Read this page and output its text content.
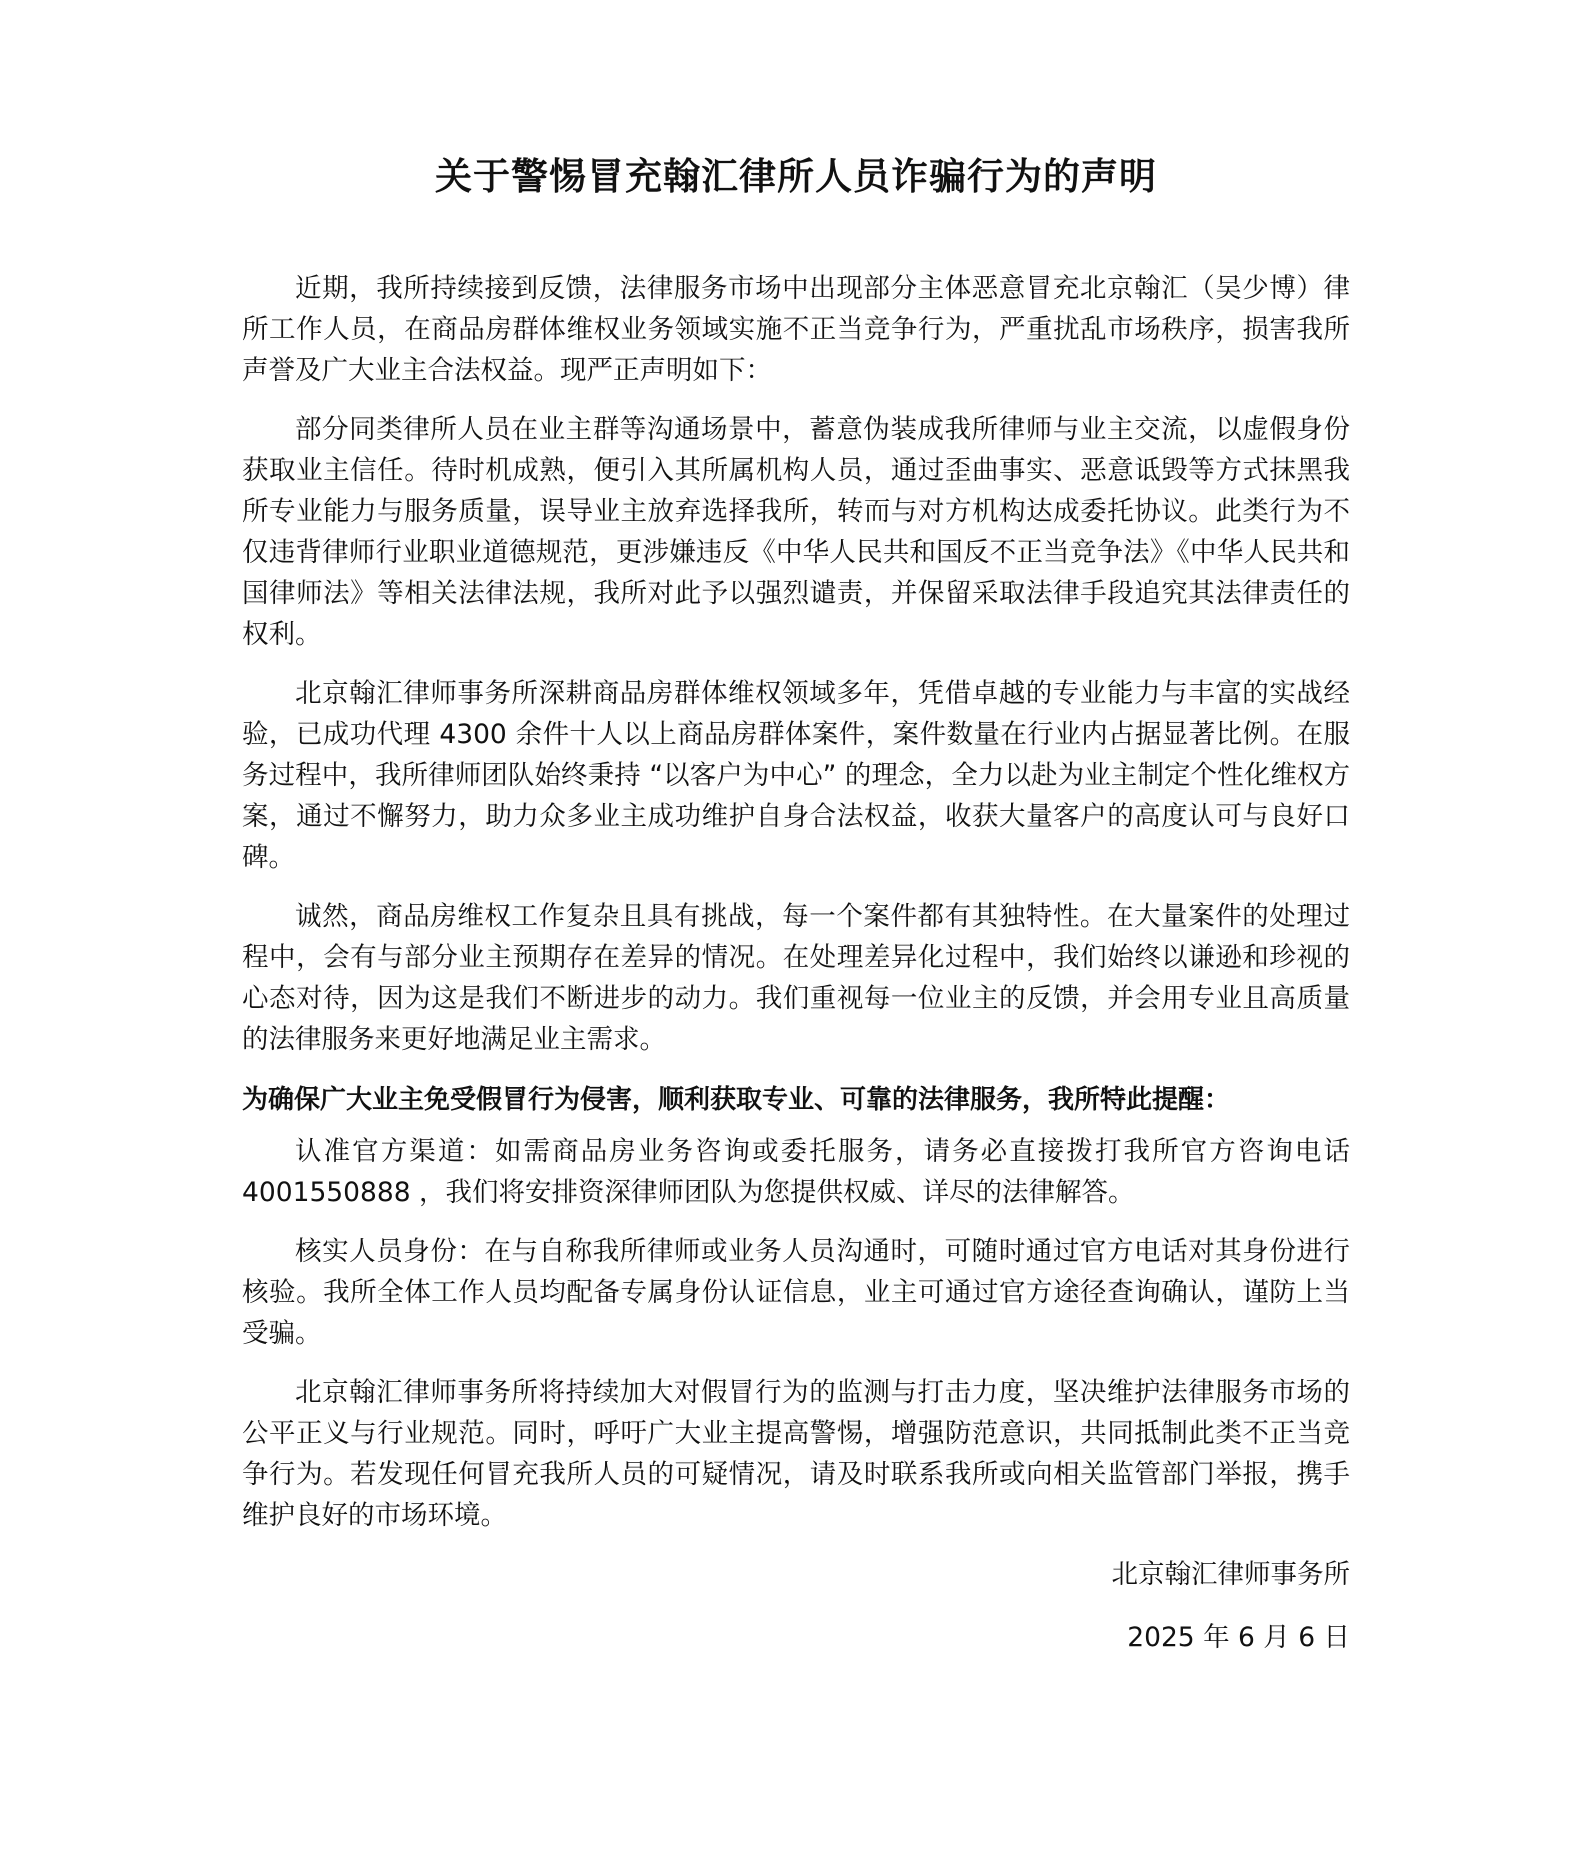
关于警惕冒充翰汇律所人员诈骗行为的声明

近期，我所持续接到反馈，法律服务市场中出现部分主体恶意冒充北京翰汇（吴少博）律所工作人员，在商品房群体维权业务领域实施不正当竞争行为，严重扰乱市场秩序，损害我所声誉及广大业主合法权益。现严正声明如下：

部分同类律所人员在业主群等沟通场景中，蓄意伪装成我所律师与业主交流，以虚假身份获取业主信任。待时机成熟，便引入其所属机构人员，通过歪曲事实、恶意诋毁等方式抹黑我所专业能力与服务质量，误导业主放弃选择我所，转而与对方机构达成委托协议。此类行为不仅违背律师行业职业道德规范，更涉嫌违反《中华人民共和国反不正当竞争法》《中华人民共和国律师法》等相关法律法规，我所对此予以强烈谴责，并保留采取法律手段追究其法律责任的权利。

北京翰汇律师事务所深耕商品房群体维权领域多年，凭借卓越的专业能力与丰富的实战经验，已成功代理 4300 余件十人以上商品房群体案件，案件数量在行业内占据显著比例。在服务过程中，我所律师团队始终秉持 “以客户为中心” 的理念，全力以赴为业主制定个性化维权方案，通过不懈努力，助力众多业主成功维护自身合法权益，收获大量客户的高度认可与良好口碑。

诚然，商品房维权工作复杂且具有挑战，每一个案件都有其独特性。在大量案件的处理过程中，会有与部分业主预期存在差异的情况。在处理差异化过程中，我们始终以谦逊和珍视的心态对待，因为这是我们不断进步的动力。我们重视每一位业主的反馈，并会用专业且高质量的法律服务来更好地满足业主需求。

为确保广大业主免受假冒行为侵害，顺利获取专业、可靠的法律服务，我所特此提醒：

认准官方渠道：如需商品房业务咨询或委托服务，请务必直接拨打我所官方咨询电话 4001550888 ，我们将安排资深律师团队为您提供权威、详尽的法律解答。

核实人员身份：在与自称我所律师或业务人员沟通时，可随时通过官方电话对其身份进行核验。我所全体工作人员均配备专属身份认证信息，业主可通过官方途径查询确认，谨防上当受骗。

北京翰汇律师事务所将持续加大对假冒行为的监测与打击力度，坚决维护法律服务市场的公平正义与行业规范。同时，呼吁广大业主提高警惕，增强防范意识，共同抵制此类不正当竞争行为。若发现任何冒充我所人员的可疑情况，请及时联系我所或向相关监管部门举报，携手维护良好的市场环境。

北京翰汇律师事务所

2025 年 6 月 6 日
